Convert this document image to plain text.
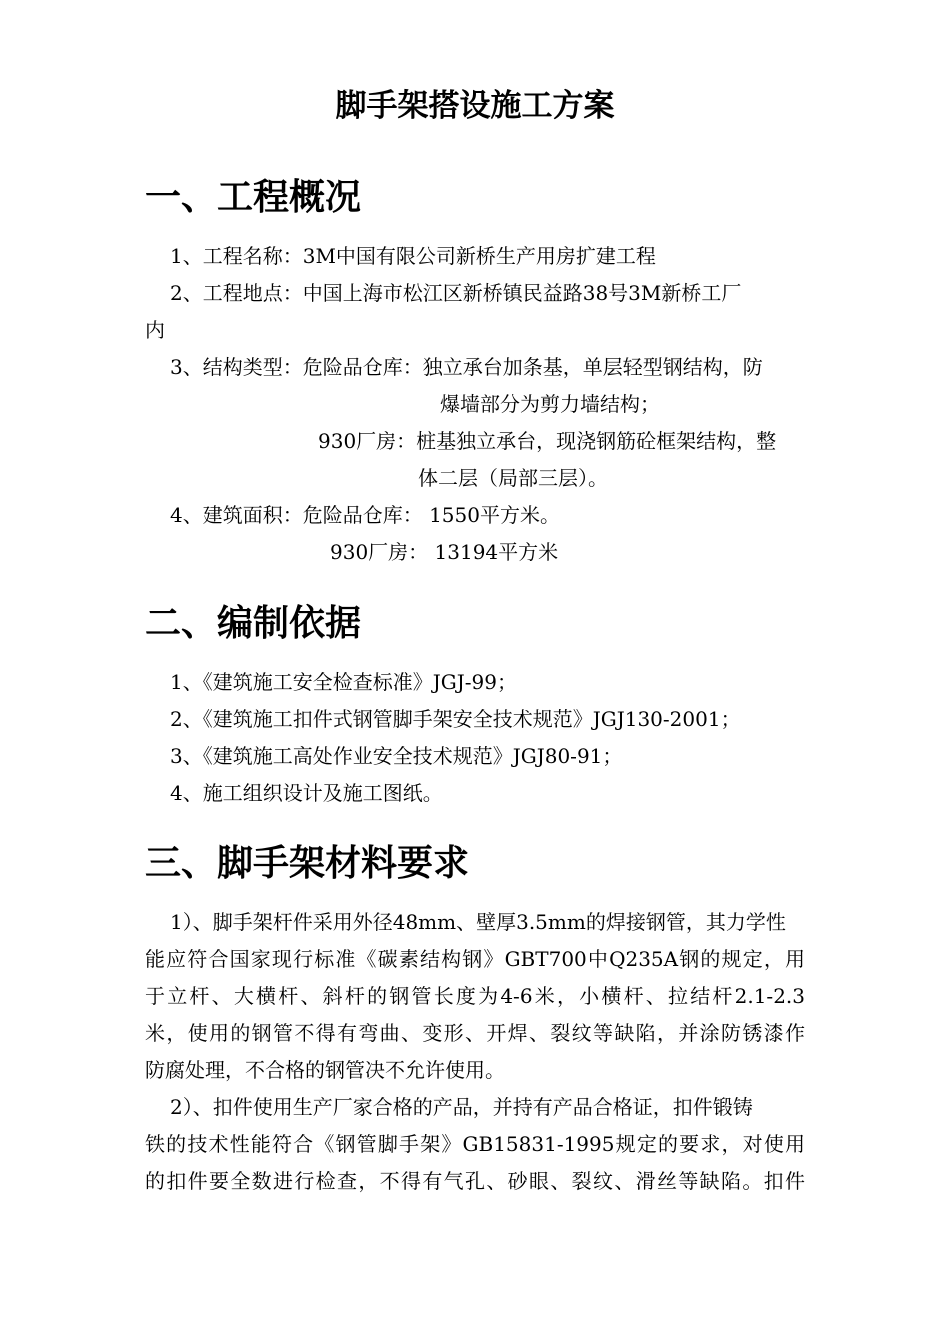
脚手架搭设施工方案
一、工程概况

1、工程名称：3M中国有限公司新桥生产用房扩建工程

2、工程地点：中国上海市松江区新桥镇民益路38号3M新桥工厂

内

3、结构类型：危险品仓库：独立承台加条基，单层轻型钢结构，防

爆墙部分为剪力墙结构；

930厂房：桩基独立承台，现浇钢筋砼框架结构，整

体二层（局部三层）。

4、建筑面积：危险品仓库： 1550平方米。

930厂房： 13194平方米

二、编制依据

1、《建筑施工安全检查标准》JGJ-99；

2、《建筑施工扣件式钢管脚手架安全技术规范》JGJ130-2001；

3、《建筑施工高处作业安全技术规范》JGJ80-91；

4、施工组织设计及施工图纸。

三、脚手架材料要求

1）、脚手架杆件采用外径48mm、壁厚3.5mm的焊接钢管，其力学性

能应符合国家现行标准《碳素结构钢》GBT700中Q235A钢的规定，用

于立杆、大横杆、斜杆的钢管长度为4-6米，小横杆、拉结杆2.1-2.3

米，使用的钢管不得有弯曲、变形、开焊、裂纹等缺陷，并涂防锈漆作

防腐处理，不合格的钢管决不允许使用。

2）、扣件使用生产厂家合格的产品，并持有产品合格证，扣件锻铸

铁的技术性能符合《钢管脚手架》GB15831-1995规定的要求，对使用

的扣件要全数进行检查，不得有气孔、砂眼、裂纹、滑丝等缺陷。扣件
